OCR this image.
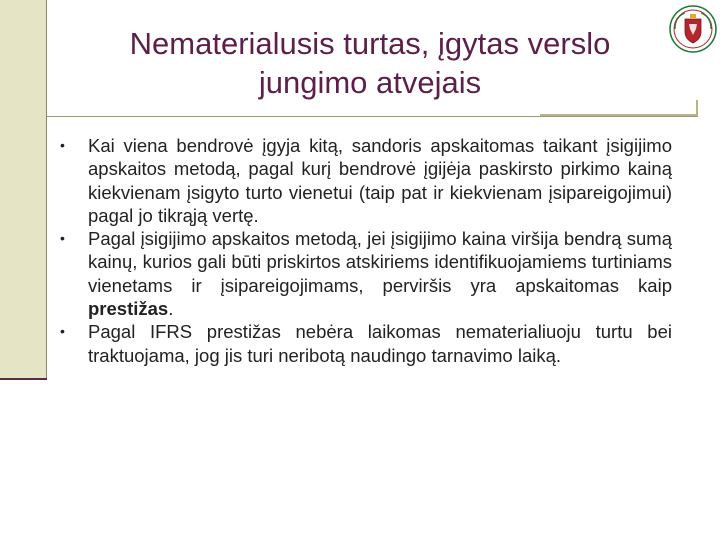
Nematerialusis turtas, įgytas verslo
jungimo atvejais
• Kai viena bendrovė įgyja kitą, sandoris apskaitomas taikant įsigijimo apskaitos metodą, pagal kurį bendrovė įgijėja paskirsto pirkimo kainą kiekvienam įsigyto turto vienetui (taip pat ir kiekvienam įsipareigojimui) pagal jo tikrąją vertę.
• Pagal įsigijimo apskaitos metodą, jei įsigijimo kaina viršija bendrą sumą kainų, kurios gali būti priskirtos atskiriems identifikuojamiems turtiniams vienetams ir įsipareigojimams, perviršis yra apskaitomas kaip prestižas.
• Pagal IFRS prestižas nebėra laikomas nematerialiuoju turtu bei traktuojama, jog jis turi neribotą naudingo tarnavimo laiką.
